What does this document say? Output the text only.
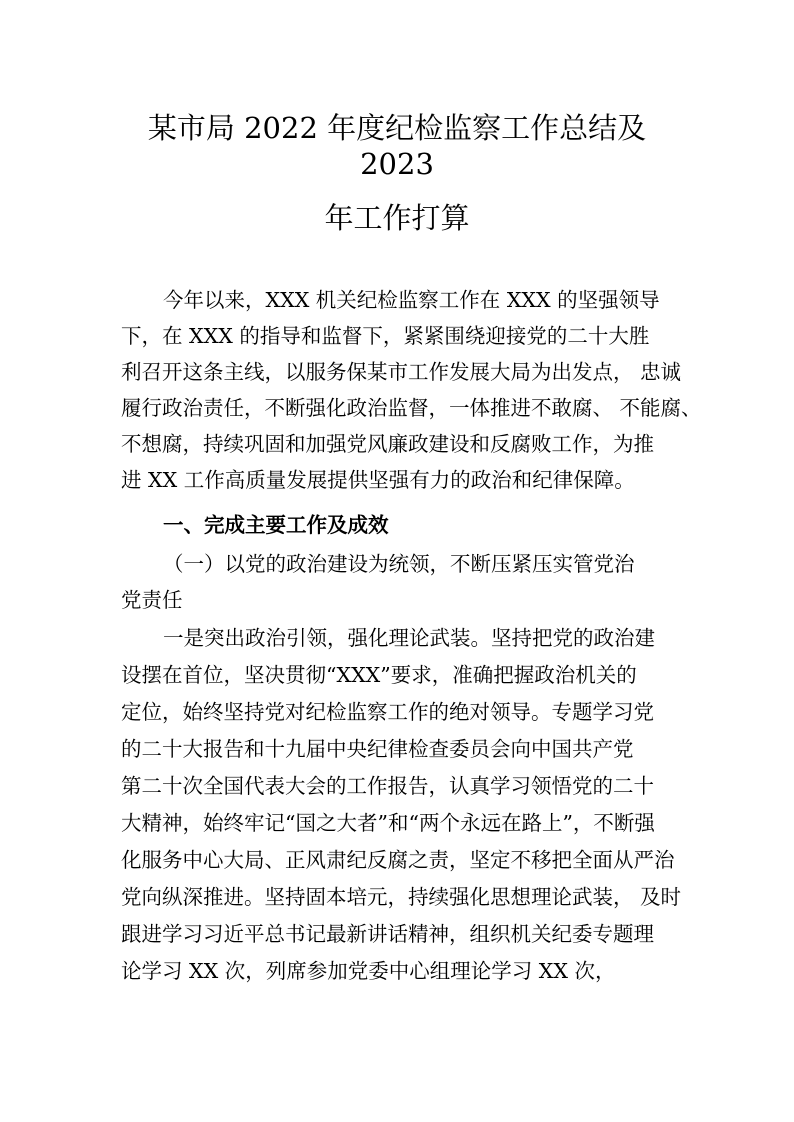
某市局 2022 年度纪检监察工作总结及
2023
年工作打算
今年以来，XXX 机关纪检监察工作在 XXX 的坚强领导
下，在 XXX 的指导和监督下，紧紧围绕迎接党的二十大胜
利召开这条主线，以服务保某市工作发展大局为出发点， 忠诚
履行政治责任，不断强化政治监督，一体推进不敢腐、 不能腐、
不想腐，持续巩固和加强党风廉政建设和反腐败工作，为推
进 XX 工作高质量发展提供坚强有力的政治和纪律保障。
一、完成主要工作及成效
（一）以党的政治建设为统领，不断压紧压实管党治
党责任
一是突出政治引领，强化理论武装。坚持把党的政治建
设摆在首位，坚决贯彻“XXX”要求，准确把握政治机关的
定位，始终坚持党对纪检监察工作的绝对领导。专题学习党
的二十大报告和十九届中央纪律检查委员会向中国共产党
第二十次全国代表大会的工作报告，认真学习领悟党的二十
大精神，始终牢记“国之大者”和“两个永远在路上”，不断强
化服务中心大局、正风肃纪反腐之责，坚定不移把全面从严治
党向纵深推进。坚持固本培元，持续强化思想理论武装， 及时
跟进学习习近平总书记最新讲话精神，组织机关纪委专题理
论学习 XX 次，列席参加党委中心组理论学习 XX 次，
